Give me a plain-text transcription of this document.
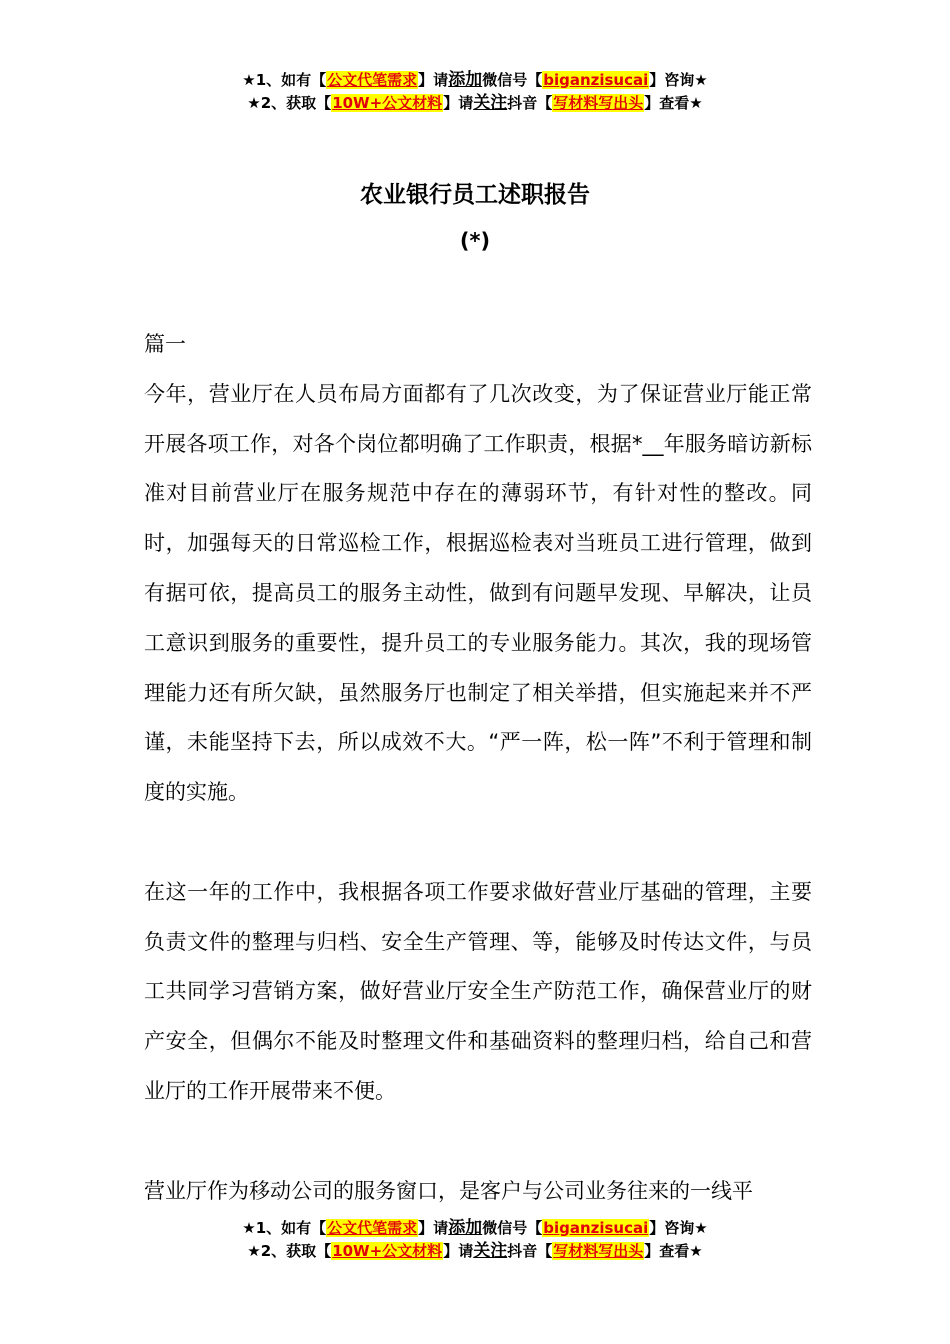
★1、如有【公文代笔需求】请添加微信号【biganzisucai】咨询★
★2、获取【10W+公文材料】请关注抖音【写材料写出头】查看★
农业银行员工述职报告
(*)

篇一

今年，营业厅在人员布局方面都有了几次改变，为了保证营业厅能正常开展各项工作，对各个岗位都明确了工作职责，根据*__年服务暗访新标准对目前营业厅在服务规范中存在的薄弱环节，有针对性的整改。同时，加强每天的日常巡检工作，根据巡检表对当班员工进行管理，做到有据可依，提高员工的服务主动性，做到有问题早发现、早解决，让员工意识到服务的重要性，提升员工的专业服务能力。其次，我的现场管理能力还有所欠缺，虽然服务厅也制定了相关举措，但实施起来并不严谨，未能坚持下去，所以成效不大。“严一阵，松一阵”不利于管理和制度的实施。

在这一年的工作中，我根据各项工作要求做好营业厅基础的管理，主要负责文件的整理与归档、安全生产管理、等，能够及时传达文件，与员工共同学习营销方案，做好营业厅安全生产防范工作，确保营业厅的财产安全，但偶尔不能及时整理文件和基础资料的整理归档，给自己和营业厅的工作开展带来不便。

营业厅作为移动公司的服务窗口，是客户与公司业务往来的一线平

★1、如有【公文代笔需求】请添加微信号【biganzisucai】咨询★
★2、获取【10W+公文材料】请关注抖音【写材料写出头】查看★
